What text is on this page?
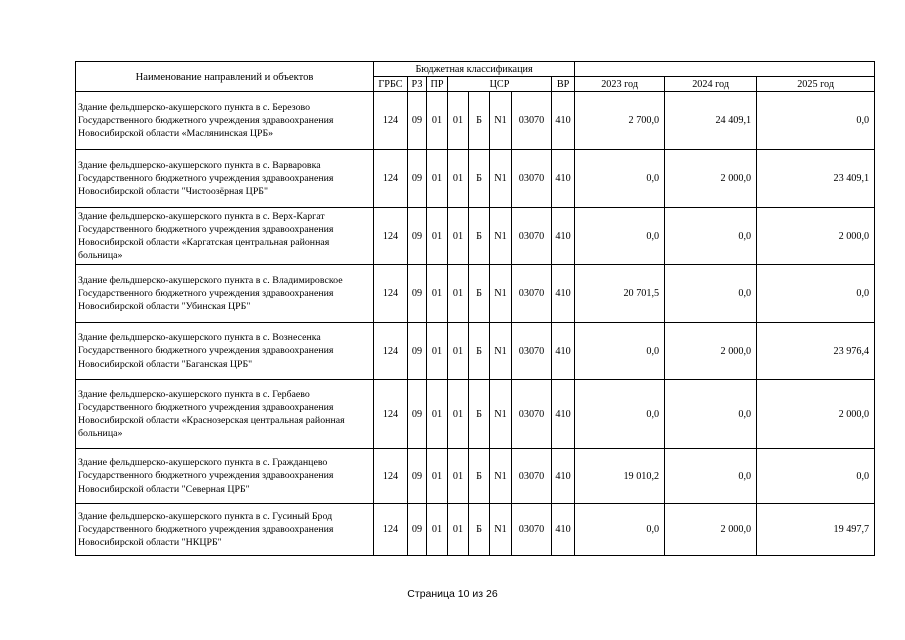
Наименование направлений и объектов	Бюджетная классификация										
	ГРБС	РЗ	ПР	ЦСР				ВР	2023 год	2024 год	2025 год
Здание фельдшерско-акушерского пункта в с. Березово Государственного бюджетного учреждения здравоохранения Новосибирской области «Маслянинская ЦРБ»	124	09	01	01	Б	N1	03070	410	2 700,0	24 409,1	0,0
Здание фельдшерско-акушерского пункта в с. Варваровка Государственного бюджетного учреждения здравоохранения Новосибирской области "Чистоозёрная ЦРБ"	124	09	01	01	Б	N1	03070	410	0,0	2 000,0	23 409,1
Здание фельдшерско-акушерского пункта в с. Верх-Каргат Государственного бюджетного учреждения здравоохранения Новосибирской области «Каргатская центральная районная больница»	124	09	01	01	Б	N1	03070	410	0,0	0,0	2 000,0
Здание фельдшерско-акушерского пункта в с. Владимировское Государственного бюджетного учреждения здравоохранения Новосибирской области "Убинская ЦРБ"	124	09	01	01	Б	N1	03070	410	20 701,5	0,0	0,0
Здание фельдшерско-акушерского пункта в с. Вознесенка Государственного бюджетного учреждения здравоохранения Новосибирской области "Баганская ЦРБ"	124	09	01	01	Б	N1	03070	410	0,0	2 000,0	23 976,4
Здание фельдшерско-акушерского пункта в с. Гербаево Государственного бюджетного учреждения здравоохранения Новосибирской области «Краснозерская центральная районная больница»	124	09	01	01	Б	N1	03070	410	0,0	0,0	2 000,0
Здание фельдшерско-акушерского пункта в с. Гражданцево Государственного бюджетного учреждения здравоохранения Новосибирской области "Северная ЦРБ"	124	09	01	01	Б	N1	03070	410	19 010,2	0,0	0,0
Здание фельдшерско-акушерского пункта в с. Гусиный Брод Государственного бюджетного учреждения здравоохранения Новосибирской области "НКЦРБ"	124	09	01	01	Б	N1	03070	410	0,0	2 000,0	19 497,7
Страница 10 из 26
